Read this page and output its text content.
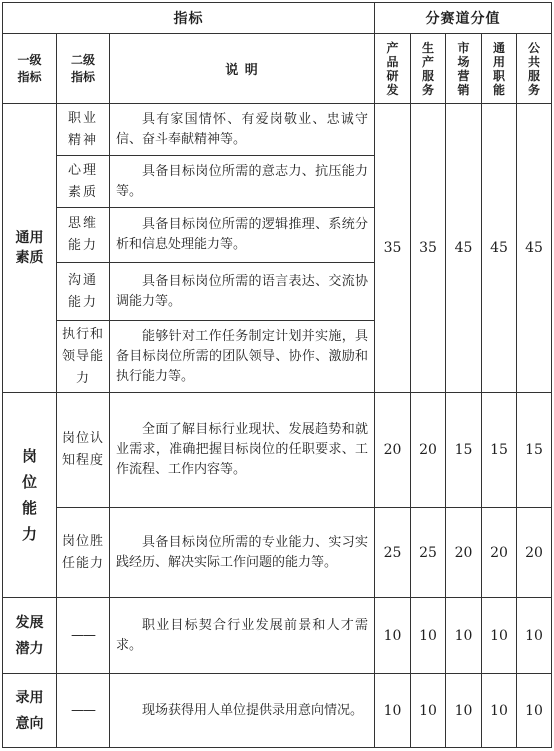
指标			分赛道分值				

一级指标	二级指标	说 明	产品研发	生产服务	市场营销	通用职能	公共服务

通用素质	职业精神	具有家国情怀、有爱岗敬业、忠诚守信、奋斗奉献精神等。	35	35	45	45	45

	心理素质	具备目标岗位所需的意志力、抗压能力等。					

	思维能力	具备目标岗位所需的逻辑推理、系统分析和信息处理能力等。					

	沟通能力	具备目标岗位所需的语言表达、交流协调能力等。					

	执行和领导能力	能够针对工作任务制定计划并实施，具备目标岗位所需的团队领导、协作、激励和执行能力等。					

岗位能力	岗位认知程度	全面了解目标行业现状、发展趋势和就业需求，准确把握目标岗位的任职要求、工作流程、工作内容等。	20	20	15	15	15

	岗位胜任能力	具备目标岗位所需的专业能力、实习实践经历、解决实际工作问题的能力等。	25	25	20	20	20

发展潜力	——	职业目标契合行业发展前景和人才需求。	10	10	10	10	10

录用意向	——	现场获得用人单位提供录用意向情况。	10	10	10	10	10
